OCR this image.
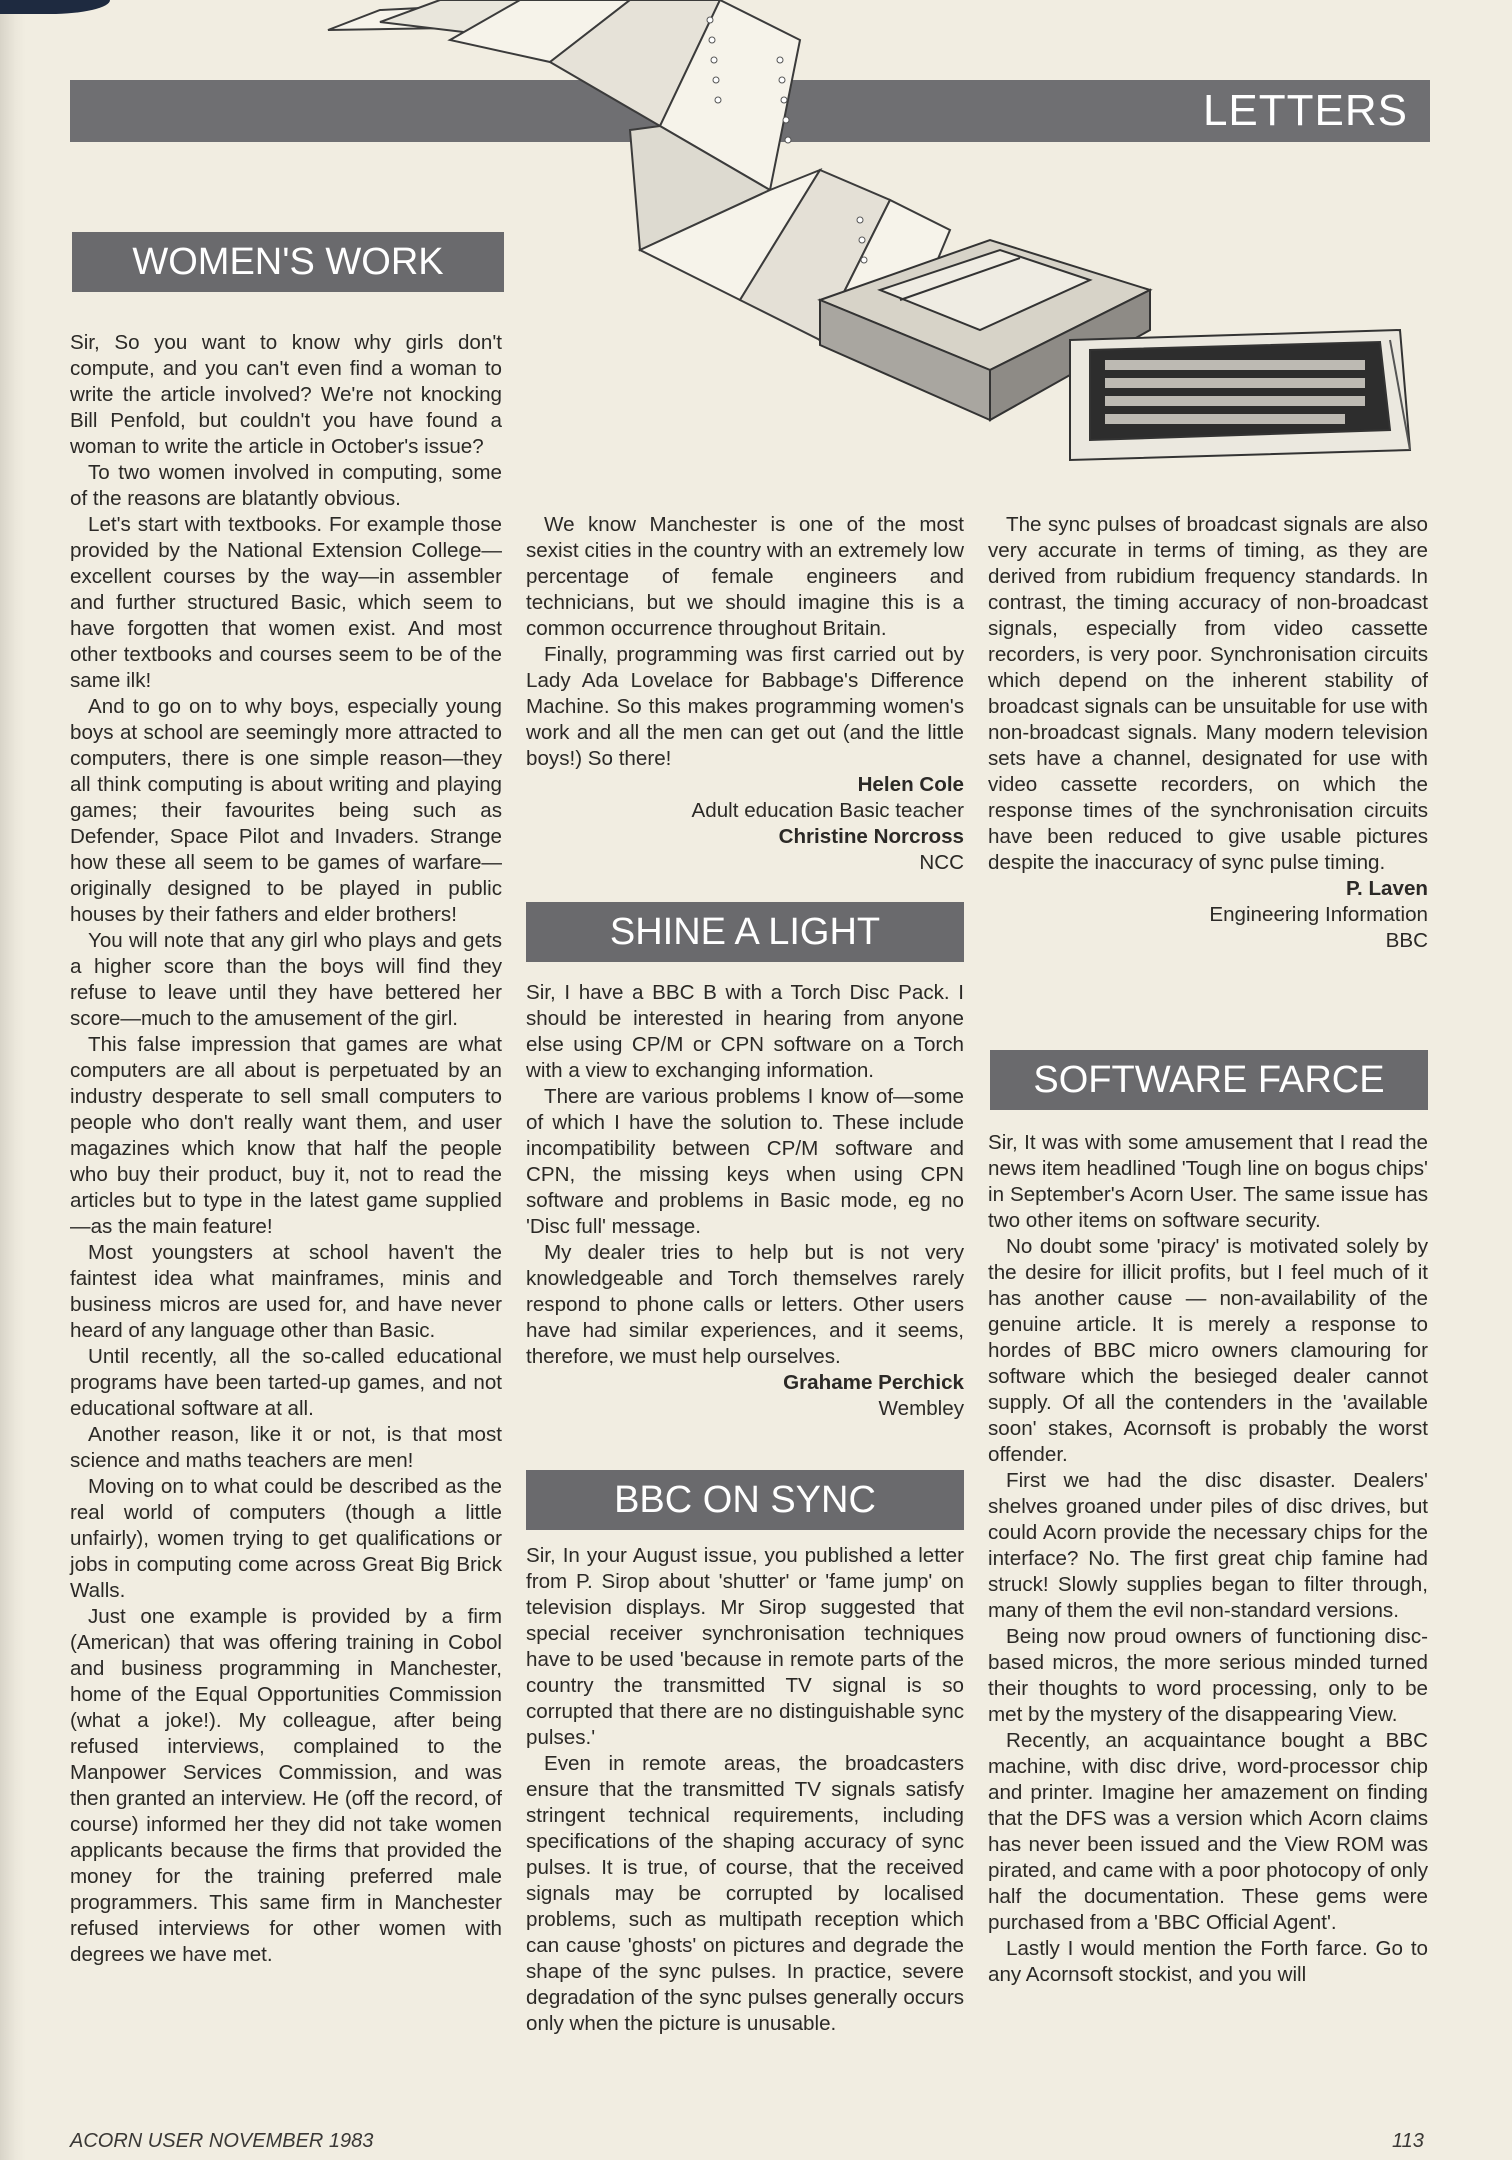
LETTERS
WOMEN'S WORK

Sir, So you want to know why girls don't compute, and you can't even find a woman to write the article involved? We're not knocking Bill Penfold, but couldn't you have found a woman to write the article in October's issue?

To two women involved in computing, some of the reasons are blatantly obvious.

Let's start with textbooks. For example those provided by the National Extension College—excellent courses by the way—in assembler and further structured Basic, which seem to have forgotten that women exist. And most other textbooks and courses seem to be of the same ilk!

And to go on to why boys, especially young boys at school are seemingly more attracted to computers, there is one simple reason—they all think computing is about writing and playing games; their favourites being such as Defender, Space Pilot and Invaders. Strange how these all seem to be games of warfare—originally designed to be played in public houses by their fathers and elder brothers!

You will note that any girl who plays and gets a higher score than the boys will find they refuse to leave until they have bettered her score—much to the amusement of the girl.

This false impression that games are what computers are all about is perpetuated by an industry desperate to sell small computers to people who don't really want them, and user magazines which know that half the people who buy their product, buy it, not to read the articles but to type in the latest game supplied—as the main feature!

Most youngsters at school haven't the faintest idea what mainframes, minis and business micros are used for, and have never heard of any language other than Basic.

Until recently, all the so-called educational programs have been tarted-up games, and not educational software at all.

Another reason, like it or not, is that most science and maths teachers are men!

Moving on to what could be described as the real world of computers (though a little unfairly), women trying to get qualifications or jobs in computing come across Great Big Brick Walls.

Just one example is provided by a firm (American) that was offering training in Cobol and business programming in Manchester, home of the Equal Opportunities Commission (what a joke!). My colleague, after being refused interviews, complained to the Manpower Services Commission, and was then granted an interview. He (off the record, of course) informed her they did not take women applicants because the firms that provided the money for the training preferred male programmers. This same firm in Manchester refused interviews for other women with degrees we have met.

We know Manchester is one of the most sexist cities in the country with an extremely low percentage of female engineers and technicians, but we should imagine this is a common occurrence throughout Britain.

Finally, programming was first carried out by Lady Ada Lovelace for Babbage's Difference Machine. So this makes programming women's work and all the men can get out (and the little boys!) So there!

Helen Cole

Adult education Basic teacher

Christine Norcross

NCC

SHINE A LIGHT

Sir, I have a BBC B with a Torch Disc Pack. I should be interested in hearing from anyone else using CP/M or CPN software on a Torch with a view to exchanging information.

There are various problems I know of—some of which I have the solution to. These include incompatibility between CP/M software and CPN, the missing keys when using CPN software and problems in Basic mode, eg no 'Disc full' message.

My dealer tries to help but is not very knowledgeable and Torch themselves rarely respond to phone calls or letters. Other users have had similar experiences, and it seems, therefore, we must help ourselves.

Grahame Perchick

Wembley

BBC ON SYNC

Sir, In your August issue, you published a letter from P. Sirop about 'shutter' or 'fame jump' on television displays. Mr Sirop suggested that special receiver synchronisation techniques have to be used 'because in remote parts of the country the transmitted TV signal is so corrupted that there are no distinguishable sync pulses.'

Even in remote areas, the broadcasters ensure that the transmitted TV signals satisfy stringent technical requirements, including specifications of the shaping accuracy of sync pulses. It is true, of course, that the received signals may be corrupted by localised problems, such as multipath reception which can cause 'ghosts' on pictures and degrade the shape of the sync pulses. In practice, severe degradation of the sync pulses generally occurs only when the picture is unusable.

The sync pulses of broadcast signals are also very accurate in terms of timing, as they are derived from rubidium frequency standards. In contrast, the timing accuracy of non-broadcast signals, especially from video cassette recorders, is very poor. Synchronisation circuits which depend on the inherent stability of broadcast signals can be unsuitable for use with non-broadcast signals. Many modern television sets have a channel, designated for use with video cassette recorders, on which the response times of the synchronisation circuits have been reduced to give usable pictures despite the inaccuracy of sync pulse timing.

P. Laven

Engineering Information

BBC

SOFTWARE FARCE

Sir, It was with some amusement that I read the news item headlined 'Tough line on bogus chips' in September's Acorn User. The same issue has two other items on software security.

No doubt some 'piracy' is motivated solely by the desire for illicit profits, but I feel much of it has another cause — non-availability of the genuine article. It is merely a response to hordes of BBC micro owners clamouring for software which the besieged dealer cannot supply. Of all the contenders in the 'available soon' stakes, Acornsoft is probably the worst offender.

First we had the disc disaster. Dealers' shelves groaned under piles of disc drives, but could Acorn provide the necessary chips for the interface? No. The first great chip famine had struck! Slowly supplies began to filter through, many of them the evil non-standard versions.

Being now proud owners of functioning disc-based micros, the more serious minded turned their thoughts to word processing, only to be met by the mystery of the disappearing View.

Recently, an acquaintance bought a BBC machine, with disc drive, word-processor chip and printer. Imagine her amazement on finding that the DFS was a version which Acorn claims has never been issued and the View ROM was pirated, and came with a poor photocopy of only half the documentation. These gems were purchased from a 'BBC Official Agent'.

Lastly I would mention the Forth farce. Go to any Acornsoft stockist, and you will

ACORN USER NOVEMBER 1983	113
